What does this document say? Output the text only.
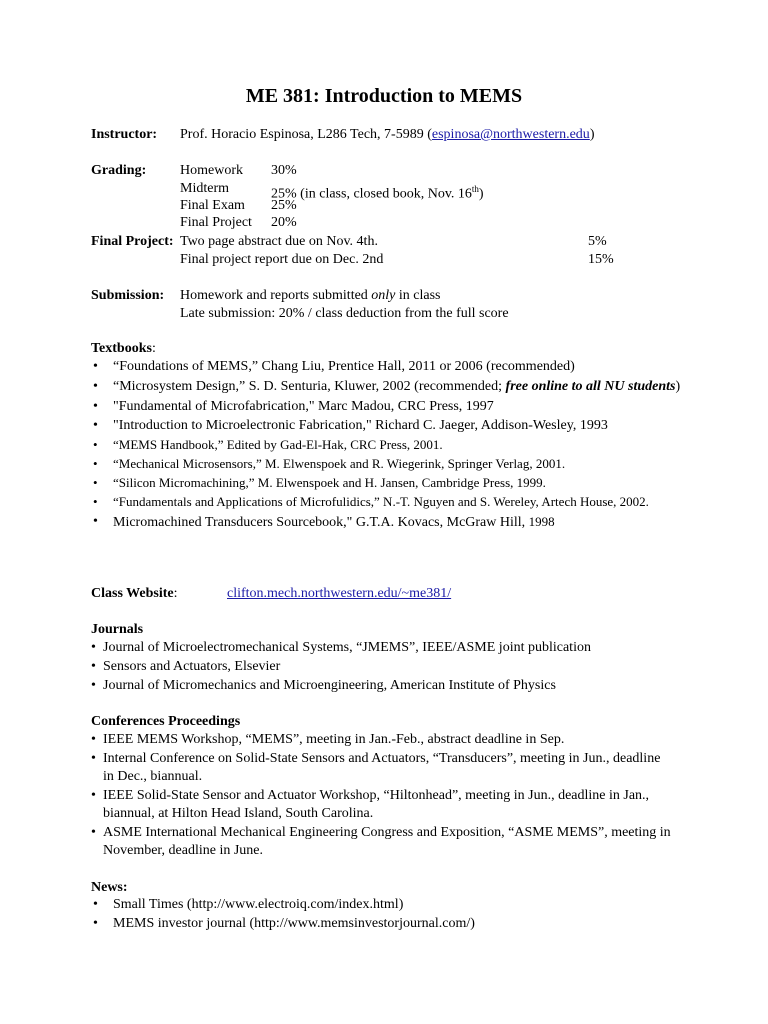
ME 381: Introduction to MEMS
Instructor: Prof. Horacio Espinosa, L286 Tech, 7-5989 (espinosa@northwestern.edu)
Grading: Homework 30%
Midterm	25% (in class, closed book, Nov. 16th)
Final Exam 25%
Final Project 20%
Final Project: Two page abstract due on Nov. 4th.	5%
Final project report due on Dec. 2nd	15%
Submission: Homework and reports submitted only in class
Late submission: 20% / class deduction from the full score
Textbooks:
• “Foundations of MEMS,” Chang Liu, Prentice Hall, 2011 or 2006 (recommended)
• “Microsystem Design,” S. D. Senturia, Kluwer, 2002 (recommended; free online to all NU students)
• "Fundamental of Microfabrication," Marc Madou, CRC Press, 1997
• "Introduction to Microelectronic Fabrication," Richard C. Jaeger, Addison-Wesley, 1993
• “MEMS Handbook,” Edited by Gad-El-Hak, CRC Press, 2001.
• “Mechanical Microsensors,” M. Elwenspoek and R. Wiegerink, Springer Verlag, 2001.
• “Silicon Micromachining,” M. Elwenspoek and H. Jansen, Cambridge Press, 1999.
• “Fundamentals and Applications of Microfulidics,” N.-T. Nguyen and S. Wereley, Artech House, 2002.
• Micromachined Transducers Sourcebook," G.T.A. Kovacs, McGraw Hill, 1998
Class Website:	clifton.mech.northwestern.edu/~me381/
Journals
• Journal of Microelectromechanical Systems, “JMEMS”, IEEE/ASME joint publication
• Sensors and Actuators, Elsevier
• Journal of Micromechanics and Microengineering, American Institute of Physics
Conferences Proceedings
• IEEE MEMS Workshop, “MEMS”, meeting in Jan.-Feb., abstract deadline in Sep.
• Internal Conference on Solid-State Sensors and Actuators, “Transducers”, meeting in Jun., deadline in Dec., biannual.
• IEEE Solid-State Sensor and Actuator Workshop, “Hiltonhead”, meeting in Jun., deadline in Jan., biannual, at Hilton Head Island, South Carolina.
• ASME International Mechanical Engineering Congress and Exposition, “ASME MEMS”, meeting in November, deadline in June.
News:
• Small Times (http://www.electroiq.com/index.html)
• MEMS investor journal (http://www.memsinvestorjournal.com/)
